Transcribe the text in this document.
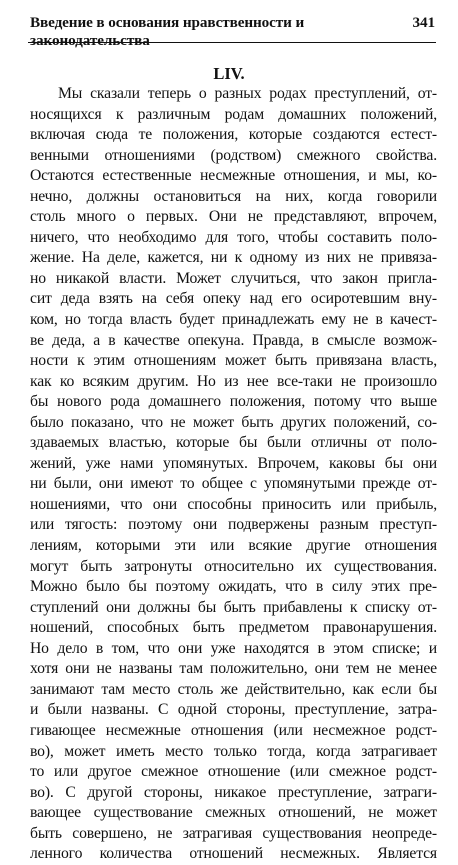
Введение в основания нравственности и законодательства
341
LIV.
Мы сказали теперь о разных родах преступлений, от-
носящихся к различным родам домашних положений,
включая сюда те положения, которые создаются естест-
венными отношениями (родством) смежного свойства.
Остаются естественные несмежные отношения, и мы, ко-
нечно, должны остановиться на них, когда говорили
столь много о первых. Они не представляют, впрочем,
ничего, что необходимо для того, чтобы составить поло-
жение. На деле, кажется, ни к одному из них не привяза-
но никакой власти. Может случиться, что закон пригла-
сит деда взять на себя опеку над его осиротевшим вну-
ком, но тогда власть будет принадлежать ему не в качест-
ве деда, а в качестве опекуна. Правда, в смысле возмож-
ности к этим отношениям может быть привязана власть,
как ко всяким другим. Но из нее все-таки не произошло
бы нового рода домашнего положения, потому что выше
было показано, что не может быть других положений, со-
здаваемых властью, которые бы были отличны от поло-
жений, уже нами упомянутых. Впрочем, каковы бы они
ни были, они имеют то общее с упомянутыми прежде от-
ношениями, что они способны приносить или прибыль,
или тягость: поэтому они подвержены разным преступ-
лениям, которыми эти или всякие другие отношения
могут быть затронуты относительно их существования.
Можно было бы поэтому ожидать, что в силу этих пре-
ступлений они должны бы быть прибавлены к списку от-
ношений, способных быть предметом правонарушения.
Но дело в том, что они уже находятся в этом списке; и
хотя они не названы там положительно, они тем не менее
занимают там место столь же действительно, как если бы
и были названы. С одной стороны, преступление, затра-
гивающее несмежные отношения (или несмежное родст-
во), может иметь место только тогда, когда затрагивает
то или другое смежное отношение (или смежное родст-
во). С другой стороны, никакое преступление, затраги-
вающее существование смежных отношений, не может
быть совершено, не затрагивая существования неопреде-
ленного количества отношений несмежных. Является
